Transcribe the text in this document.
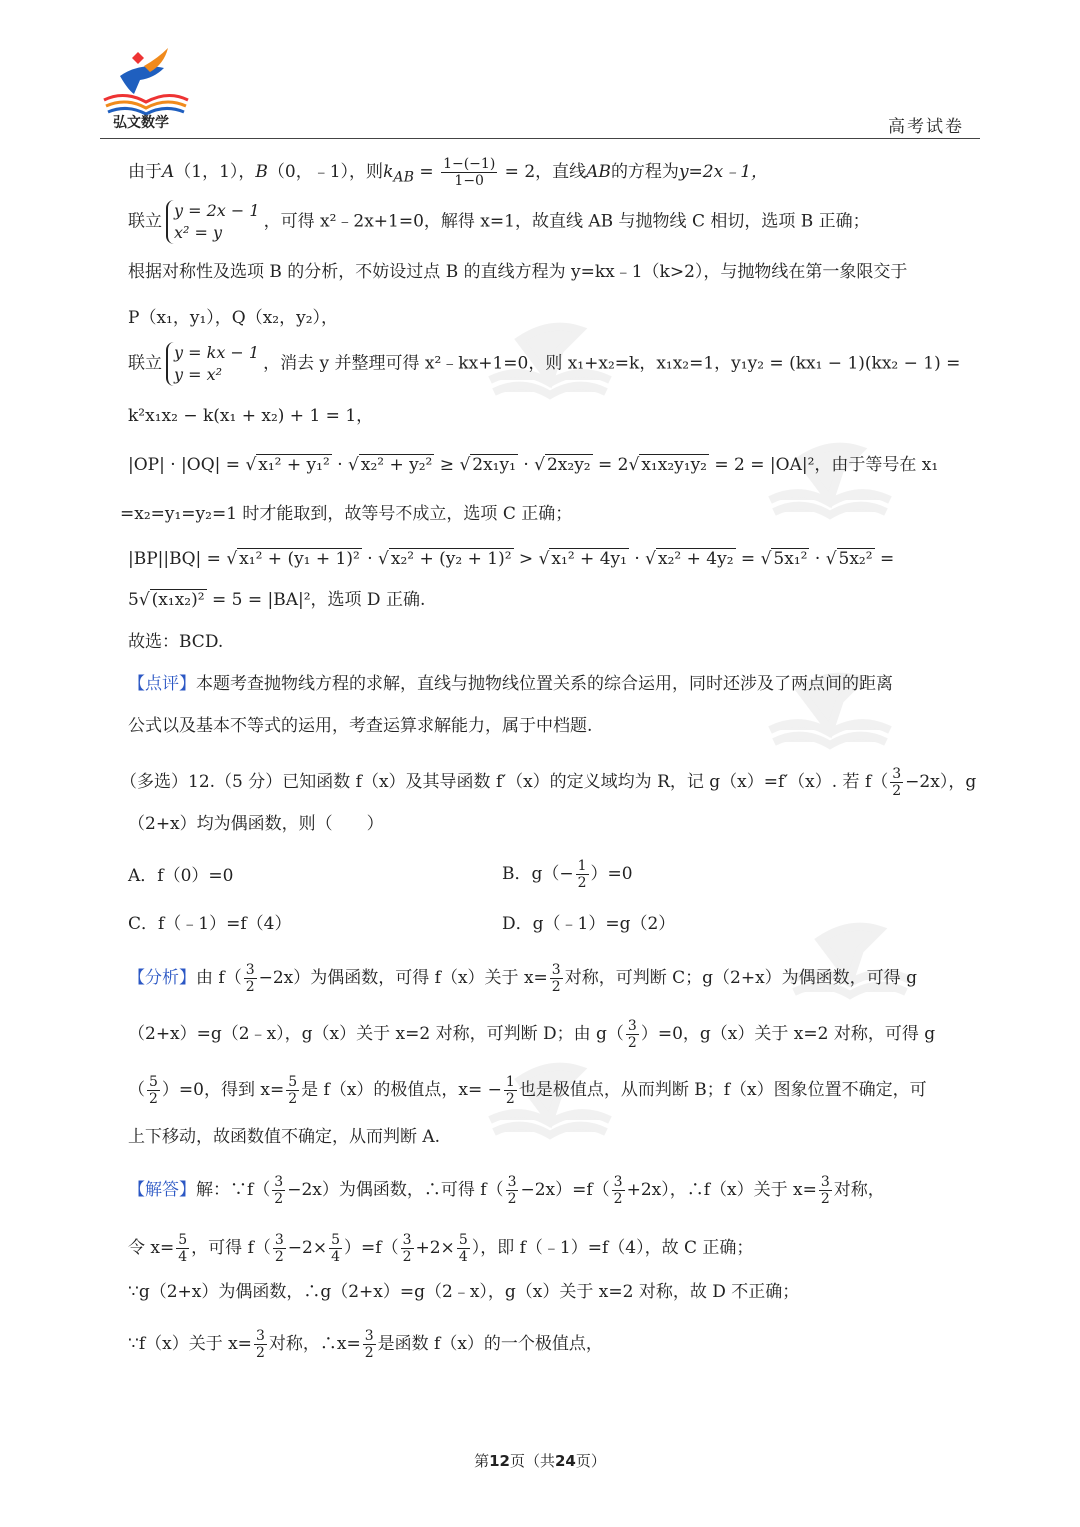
弘文数学	高考试卷
由于A（1，1），B（0，﹣1），则$k_{AB} = \frac{1-(-1)}{1-0} = 2$，直线AB的方程为y=2x﹣1，
联立
y = 2x − 1
x² = y
，可得 x²﹣2x+1=0，解得 x=1，故直线 AB 与抛物线 C 相切，选项 B 正确；
根据对称性及选项 B 的分析，不妨设过点 B 的直线方程为 y=kx﹣1（k>2），与抛物线在第一象限交于
P（x₁，y₁），Q（x₂，y₂），
联立
y = kx − 1
y = x²
，消去 y 并整理可得 x²﹣kx+1=0，则 x₁+x₂=k，x₁x₂=1，y₁y₂ = (kx₁ − 1)(kx₂ − 1) =
k²x₁x₂ − k(x₁ + x₂) + 1 = 1，
|OP| · |OQ| = √ x₁² + y₁² · √ x₂² + y₂² ≥ √ 2x₁y₁ · √ 2x₂y₂ = 2√ x₁x₂y₁y₂ = 2 = |OA|²，由于等号在 x₁
=x₂=y₁=y₂=1 时才能取到，故等号不成立，选项 C 正确；
|BP||BQ| = √ x₁² + (y₁ + 1)² · √ x₂² + (y₂ + 1)² > √ x₁² + 4y₁ · √ x₂² + 4y₂ = √ 5x₁² · √ 5x₂² =
5√ (x₁x₂)² = 5 = |BA|²，选项 D 正确.
故选：BCD.
【点评】本题考查抛物线方程的求解，直线与抛物线位置关系的综合运用，同时还涉及了两点间的距离
公式以及基本不等式的运用，考查运算求解能力，属于中档题.
（多选）12.（5 分）已知函数 f（x）及其导函数 f′（x）的定义域均为 R，记 g（x）=f′（x）. 若 $f( \frac{3}{2} -2x)$，g
（2+x）均为偶函数，则（　　）
A．f（0）=0	B．$g(- \frac{1}{2} )=0$
C．f（﹣1）=f（4）	D．g（﹣1）=g（2）
【分析】由 $f( \frac{3}{2} -2x)$为偶函数，可得 f（x）关于 $x= \frac{3}{2}$ 对称，可判断 C；g（2+x）为偶函数，可得 g
（2+x）=g（2﹣x），g（x）关于 x=2 对称，可判断 D；由 $g( \frac{3}{2} )=0$，g（x）关于 x=2 对称，可得 g
（ $\frac{5}{2} )=0$，得到 $x= \frac{5}{2}$ 是 f（x）的极值点，$x= - \frac{1}{2}$ 也是极值点，从而判断 B；f（x）图象位置不确定，可
上下移动，故函数值不确定，从而判断 A.
【解答】解：∵f（ $\frac{3}{2} -2x$）为偶函数，∴可得 $f( \frac{3}{2} -2x)=f( \frac{3}{2} +2x)$，∴f（x）关于 $x= \frac{3}{2}$ 对称，
令 $x= \frac{5}{4}$ ，可得 $f( \frac{3}{2} -2\times \frac{5}{4} )=f( \frac{3}{2} +2\times \frac{5}{4}$ ），即 f（﹣1）=f（4），故 C 正确；
∵g（2+x）为偶函数，∴g（2+x）=g（2﹣x），g（x）关于 x=2 对称，故 D 不正确；
∵f（x）关于 $x= \frac{3}{2}$ 对称，∴x= $\frac{3}{2}$ 是函数 f（x）的一个极值点，
第12页（共24页）
